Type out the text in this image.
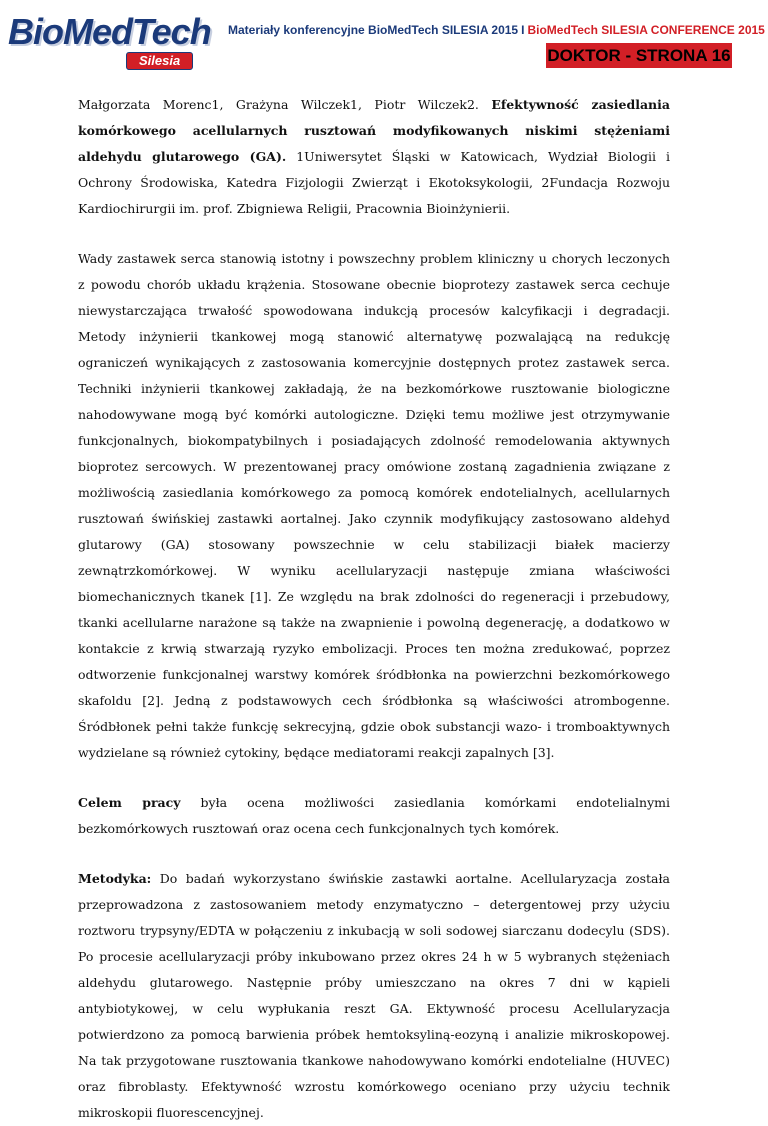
BioMedTech
Silesia
Materiały konferencyjne BioMedTech SILESIA 2015 I BioMedTech SILESIA CONFERENCE 2015
DOKTOR - STRONA 16

Małgorzata Morenc1, Grażyna Wilczek1, Piotr Wilczek2. Efektywność zasiedlania komórkowego acellularnych rusztowań modyfikowanych niskimi stężeniami aldehydu glutarowego (GA). 1Uniwersytet Śląski w Katowicach, Wydział Biologii i Ochrony Środowiska, Katedra Fizjologii Zwierząt i Ekotoksykologii, 2Fundacja Rozwoju Kardiochirurgii im. prof. Zbigniewa Religii, Pracownia Bioinżynierii.

Wady zastawek serca stanowią istotny i powszechny problem kliniczny u chorych leczonych z powodu chorób układu krążenia. Stosowane obecnie bioprotezy zastawek serca cechuje niewystarczająca trwałość spowodowana indukcją procesów kalcyfikacji i degradacji. Metody inżynierii tkankowej mogą stanowić alternatywę pozwalającą na redukcję ograniczeń wynikających z zastosowania komercyjnie dostępnych protez zastawek serca. Techniki inżynierii tkankowej zakładają, że na bezkomórkowe rusztowanie biologiczne nahodowywane mogą być komórki autologiczne. Dzięki temu możliwe jest otrzymywanie funkcjonalnych, biokompatybilnych i posiadających zdolność remodelowania aktywnych bioprotez sercowych. W prezentowanej pracy omówione zostaną zagadnienia związane z możliwością zasiedlania komórkowego za pomocą komórek endotelialnych, acellularnych rusztowań świńskiej zastawki aortalnej. Jako czynnik modyfikujący zastosowano aldehyd glutarowy (GA) stosowany powszechnie w celu stabilizacji białek macierzy zewnątrzkomórkowej. W wyniku acellularyzacji następuje zmiana właściwości biomechanicznych tkanek [1]. Ze względu na brak zdolności do regeneracji i przebudowy, tkanki acellularne narażone są także na zwapnienie i powolną degenerację, a dodatkowo w kontakcie z krwią stwarzają ryzyko embolizacji. Proces ten można zredukować, poprzez odtworzenie funkcjonalnej warstwy komórek śródbłonka na powierzchni bezkomórkowego skafoldu [2]. Jedną z podstawowych cech śródbłonka są właściwości atrombogenne. Śródbłonek pełni także funkcję sekrecyjną, gdzie obok substancji wazo- i tromboaktywnych wydzielane są również cytokiny, będące mediatorami reakcji zapalnych [3].

Celem pracy była ocena możliwości zasiedlania komórkami endotelialnymi bezkomórkowych rusztowań oraz ocena cech funkcjonalnych tych komórek.

Metodyka: Do badań wykorzystano świńskie zastawki aortalne. Acellularyzacja została przeprowadzona z zastosowaniem metody enzymatyczno – detergentowej przy użyciu roztworu trypsyny/EDTA w połączeniu z inkubacją w soli sodowej siarczanu dodecylu (SDS). Po procesie acellularyzacji próby inkubowano przez okres 24 h w 5 wybranych stężeniach aldehydu glutarowego. Następnie próby umieszczano na okres 7 dni w kąpieli antybiotykowej, w celu wypłukania reszt GA. Ektywność procesu Acellularyzacja potwierdzono za pomocą barwienia próbek hemtoksyliną-eozyną i analizie mikroskopowej. Na tak przygotowane rusztowania tkankowe nahodowywano komórki endotelialne (HUVEC) oraz fibroblasty. Efektywność wzrostu komórkowego oceniano przy użyciu technik mikroskopii fluorescencyjnej.
